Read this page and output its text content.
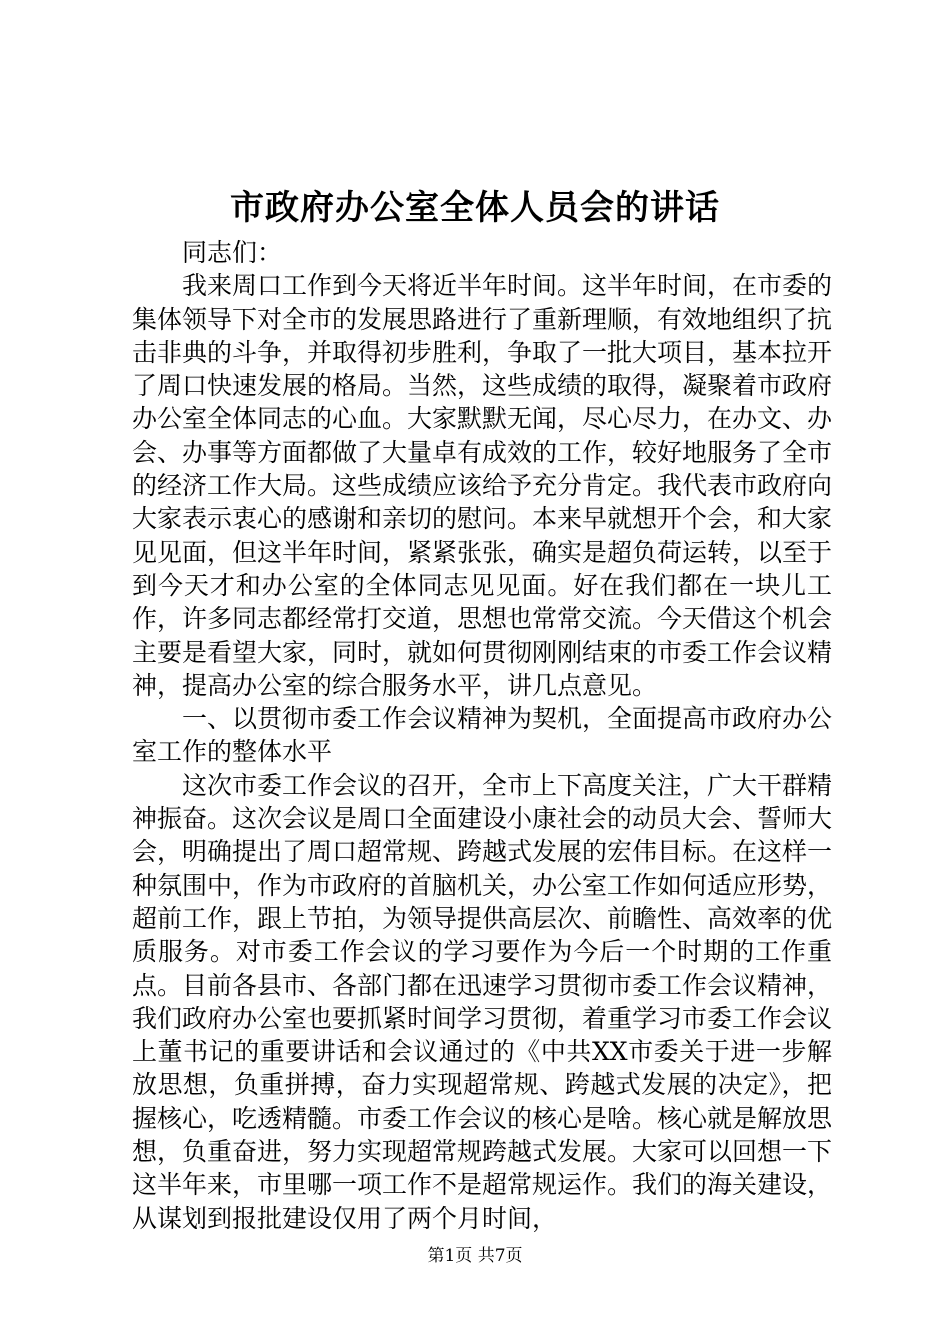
市政府办公室全体人员会的讲话

同志们：

我来周口工作到今天将近半年时间。这半年时间，在市委的集体领导下对全市的发展思路进行了重新理顺，有效地组织了抗击非典的斗争，并取得初步胜利，争取了一批大项目，基本拉开了周口快速发展的格局。当然，这些成绩的取得，凝聚着市政府办公室全体同志的心血。大家默默无闻，尽心尽力，在办文、办会、办事等方面都做了大量卓有成效的工作，较好地服务了全市的经济工作大局。这些成绩应该给予充分肯定。我代表市政府向大家表示衷心的感谢和亲切的慰问。本来早就想开个会，和大家见见面，但这半年时间，紧紧张张，确实是超负荷运转，以至于到今天才和办公室的全体同志见见面。好在我们都在一块儿工作，许多同志都经常打交道，思想也常常交流。今天借这个机会主要是看望大家，同时，就如何贯彻刚刚结束的市委工作会议精神，提高办公室的综合服务水平，讲几点意见。

一、以贯彻市委工作会议精神为契机，全面提高市政府办公室工作的整体水平

这次市委工作会议的召开，全市上下高度关注，广大干群精神振奋。这次会议是周口全面建设小康社会的动员大会、誓师大会，明确提出了周口超常规、跨越式发展的宏伟目标。在这样一种氛围中，作为市政府的首脑机关，办公室工作如何适应形势，超前工作，跟上节拍，为领导提供高层次、前瞻性、高效率的优质服务。对市委工作会议的学习要作为今后一个时期的工作重点。目前各县市、各部门都在迅速学习贯彻市委工作会议精神，我们政府办公室也要抓紧时间学习贯彻，着重学习市委工作会议上董书记的重要讲话和会议通过的《中共XX市委关于进一步解放思想，负重拼搏，奋力实现超常规、跨越式发展的决定》，把握核心，吃透精髓。市委工作会议的核心是啥。核心就是解放思想，负重奋进，努力实现超常规跨越式发展。大家可以回想一下这半年来，市里哪一项工作不是超常规运作。我们的海关建设，从谋划到报批建设仅用了两个月时间，

第1页 共7页
